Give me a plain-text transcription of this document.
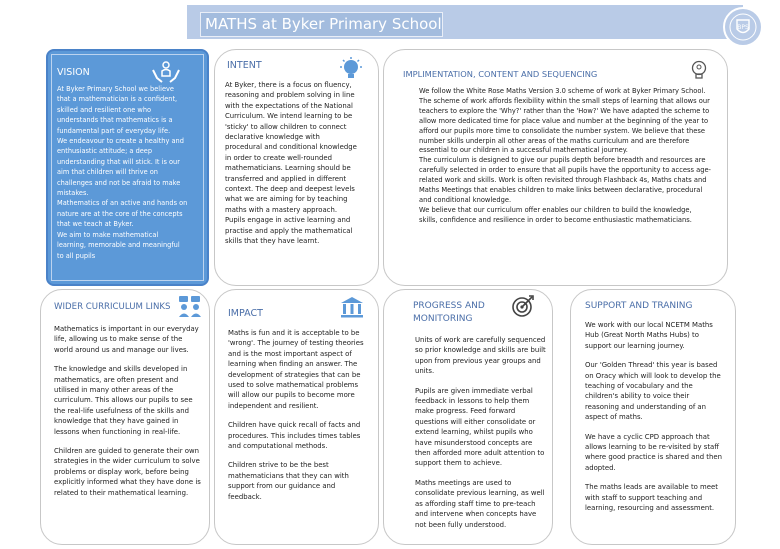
MATHS at Byker Primary School	BPS
VISION

At Byker Primary School we believe that a mathematician is a confident, skilled and resilient one who understands that mathematics is a fundamental part of everyday life.

We endeavour to create a healthy and enthusiastic attitude; a deep understanding that will stick. It is our aim that children will thrive on challenges and not be afraid to make mistakes.

Mathematics of an active and hands on nature are at the core of the concepts that we teach at Byker.

We aim to make mathematical learning, memorable and meaningful to all pupils

INTENT

At Byker, there is a focus on fluency, reasoning and problem solving in line with the expectations of the National Curriculum. We intend learning to be 'sticky' to allow children to connect declarative knowledge with procedural and conditional knowledge in order to create well-rounded mathematicians. Learning should be transferred and applied in different context. The deep and deepest levels what we are aiming for by teaching maths with a mastery approach.

Pupils engage in active learning and practise and apply the mathematical skills that they have learnt.

IMPLIMENTATION, CONTENT AND SEQUENCING

We follow the White Rose Maths Version 3.0 scheme of work at Byker Primary School. The scheme of work affords flexibility within the small steps of learning that allows our teachers to explore the 'Why?' rather than the 'How?' We have adapted the scheme to allow more dedicated time for place value and number at the beginning of the year to afford our pupils more time to consolidate the number system. We believe that these number skills underpin all other areas of the maths curriculum and are therefore essential to our children in a successful mathematical journey.

The curriculum is designed to give our pupils depth before breadth and resources are carefully selected in order to ensure that all pupils have the opportunity to access age-related work and skills. Work is often revisited through Flashback 4s, Maths chats and Maths Meetings that enables children to make links between declarative, procedural and conditional knowledge.

We believe that our curriculum offer enables our children to build the knowledge, skills, confidence and resilience in order to become enthusiastic mathematicians.

WIDER CURRICULUM LINKS

Mathematics is important in our everyday life, allowing us to make sense of the world around us and manage our lives.

The knowledge and skills developed in mathematics, are often present and utilised in many other areas of the curriculum. This allows our pupils to see the real-life usefulness of the skills and knowledge that they have gained in lessons when functioning in real-life.

Children are guided to generate their own strategies in the wider curriculum to solve problems or display work, before being explicitly informed what they have done is related to their mathematical learning.

IMPACT

Maths is fun and it is acceptable to be 'wrong'. The journey of testing theories and is the most important aspect of learning when finding an answer. The development of strategies that can be used to solve mathematical problems will allow our pupils to become more independent and resilient.

Children have quick recall of facts and procedures. This includes times tables and computational methods.

Children strive to be the best mathematicians that they can with support from our guidance and feedback.

PROGRESS AND
MONITORING

Units of work are carefully sequenced so prior knowledge and skills are built upon from previous year groups and units.

Pupils are given immediate verbal feedback in lessons to help them make progress. Feed forward questions will either consolidate or extend learning, whilst pupils who have misunderstood concepts are then afforded more adult attention to support them to achieve.

Maths meetings are used to consolidate previous learning, as well as affording staff time to pre-teach and intervene when concepts have not been fully understood.

SUPPORT AND TRANING

We work with our local NCETM Maths Hub (Great North Maths Hubs) to support our learning journey.

Our 'Golden Thread' this year is based on Oracy which will look to develop the teaching of vocabulary and the children's ability to voice their reasoning and understanding of an aspect of maths.

We have a cyclic CPD approach that allows learning to be re-visited by staff where good practice is shared and then adopted.

The maths leads are available to meet with staff to support teaching and learning, resourcing and assessment.
